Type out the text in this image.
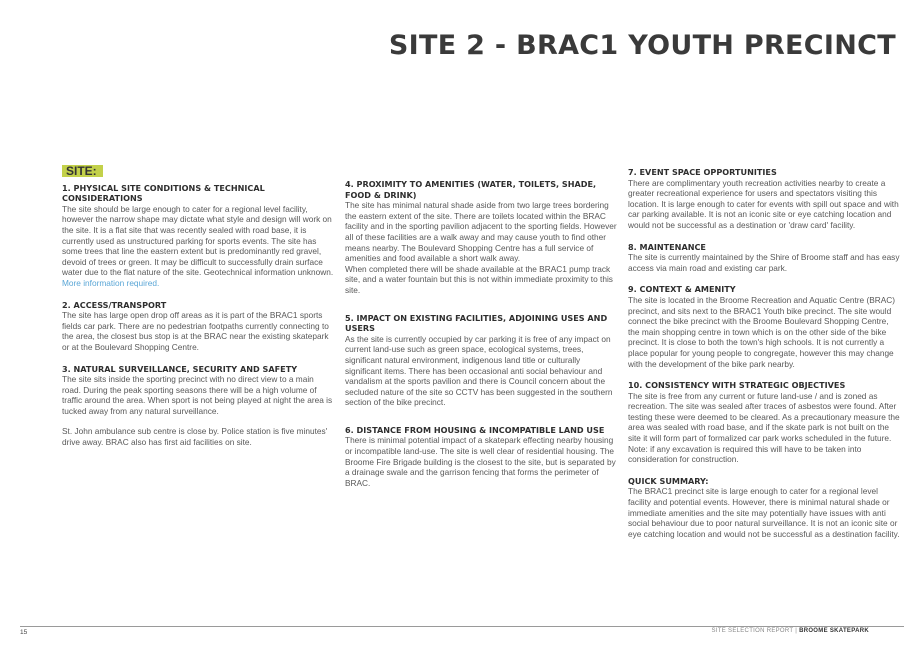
SITE 2 - BRAC1 YOUTH PRECINCT
SITE:
1. PHYSICAL SITE CONDITIONS & TECHNICAL CONSIDERATIONS

The site should be large enough to cater for a regional level facility, however the narrow shape may dictate what style and design will work on the site. It is a flat site that was recently sealed with road base, it is currently used as unstructured parking for sports events. The site has some trees that line the eastern extent but is predominantly red gravel, devoid of trees or green. It may be difficult to successfully drain surface water due to the flat nature of the site. Geotechnical information unknown. More information required.

2. ACCESS/TRANSPORT

The site has large open drop off areas as it is part of the BRAC1 sports fields car park. There are no pedestrian footpaths currently connecting to the area, the closest bus stop is at the BRAC near the existing skatepark or at the Boulevard Shopping Centre.

3. NATURAL SURVEILLANCE, SECURITY AND SAFETY

The site sits inside the sporting precinct with no direct view to a main road. During the peak sporting seasons there will be a high volume of traffic around the area. When sport is not being played at night the area is tucked away from any natural surveillance.

St. John ambulance sub centre is close by. Police station is five minutes' drive away. BRAC also has first aid facilities on site.

4. PROXIMITY TO AMENITIES (WATER, TOILETS, SHADE, FOOD & DRINK)

The site has minimal natural shade aside from two large trees bordering the eastern extent of the site. There are toilets located within the BRAC facility and in the sporting pavilion adjacent to the sporting fields. However all of these facilities are a walk away and may cause youth to find other means nearby. The Boulevard Shopping Centre has a full service of amenities and food available a short walk away.

When completed there will be shade available at the BRAC1 pump track site, and a water fountain but this is not within immediate proximity to this site.

5. IMPACT ON EXISTING FACILITIES, ADJOINING USES AND USERS

As the site is currently occupied by car parking it is free of any impact on current land-use such as green space, ecological systems, trees, significant natural environment, indigenous land title or culturally significant items. There has been occasional anti social behaviour and vandalism at the sports pavilion and there is Council concern about the secluded nature of the site so CCTV has been suggested in the southern section of the bike precinct.

6. DISTANCE FROM HOUSING & INCOMPATIBLE LAND USE

There is minimal potential impact of a skatepark effecting nearby housing or incompatible land-use. The site is well clear of residential housing. The Broome Fire Brigade building is the closest to the site, but is separated by a drainage swale and the garrison fencing that forms the perimeter of BRAC.

7. EVENT SPACE OPPORTUNITIES

There are complimentary youth recreation activities nearby to create a greater recreational experience for users and spectators visiting this location. It is large enough to cater for events with spill out space and with car parking available. It is not an iconic site or eye catching location and would not be successful as a destination or 'draw card' facility.

8. MAINTENANCE

The site is currently maintained by the Shire of Broome staff and has easy access via main road and existing car park.

9. CONTEXT & AMENITY

The site is located in the Broome Recreation and Aquatic Centre (BRAC) precinct, and sits next to the BRAC1 Youth bike precinct. The site would connect the bike precinct with the Broome Boulevard Shopping Centre, the main shopping centre in town which is on the other side of the bike precinct. It is close to both the town's high schools. It is not currently a place popular for young people to congregate, however this may change with the development of the bike park nearby.

10. CONSISTENCY WITH STRATEGIC OBJECTIVES

The site is free from any current or future land-use / and is zoned as recreation. The site was sealed after traces of asbestos were found. After testing these were deemed to be cleared. As a precautionary measure the area was sealed with road base, and if the skate park is not built on the site it will form part of formalized car park works scheduled in the future. Note: if any excavation is required this will have to be taken into consideration for construction.

QUICK SUMMARY:

The BRAC1 precinct site is large enough to cater for a regional level facility and potential events. However, there is minimal natural shade or immediate amenities and the site may potentially have issues with anti social behaviour due to poor natural surveillance. It is not an iconic site or eye catching location and would not be successful as a destination facility.

15	SITE SELECTION REPORT | BROOME SKATEPARK
